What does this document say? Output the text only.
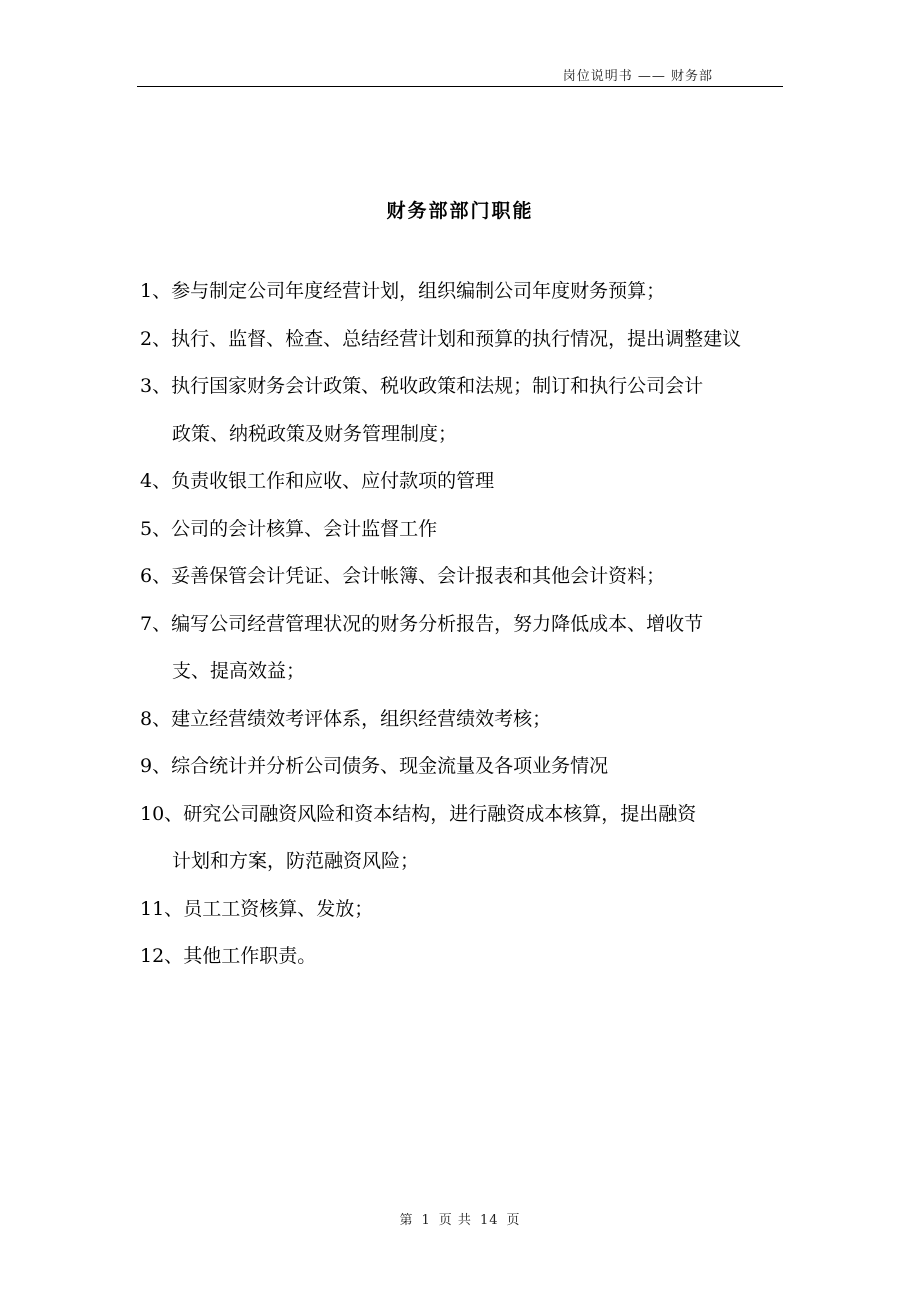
岗位说明书 —— 财务部
财务部部门职能
1、参与制定公司年度经营计划，组织编制公司年度财务预算；
2、执行、监督、检查、总结经营计划和预算的执行情况，提出调整建议
3、执行国家财务会计政策、税收政策和法规；制订和执行公司会计
政策、纳税政策及财务管理制度；
4、负责收银工作和应收、应付款项的管理
5、公司的会计核算、会计监督工作
6、妥善保管会计凭证、会计帐簿、会计报表和其他会计资料；
7、编写公司经营管理状况的财务分析报告，努力降低成本、增收节
支、提高效益；
8、建立经营绩效考评体系，组织经营绩效考核；
9、综合统计并分析公司债务、现金流量及各项业务情况
10、研究公司融资风险和资本结构，进行融资成本核算，提出融资
计划和方案，防范融资风险；
11、员工工资核算、发放；
12、其他工作职责。
第 1 页 共 14 页
